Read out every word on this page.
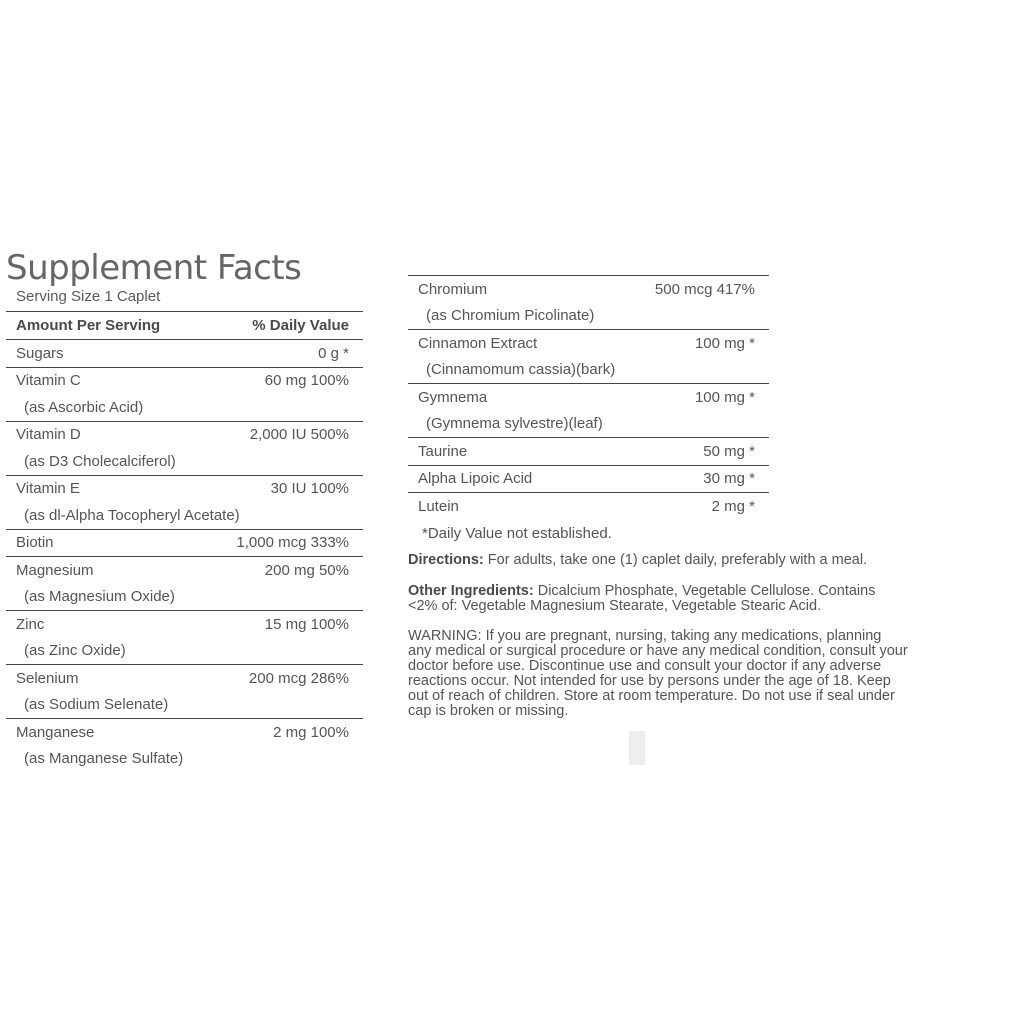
Supplement Facts
Serving Size 1 Caplet
Amount Per Serving	% Daily Value
Sugars	0 g *
Vitamin C	60 mg 100%
(as Ascorbic Acid)
Vitamin D	2,000 IU 500%
(as D3 Cholecalciferol)
Vitamin E	30 IU 100%
(as dl-Alpha Tocopheryl Acetate)
Biotin	1,000 mcg 333%
Magnesium	200 mg 50%
(as Magnesium Oxide)
Zinc	15 mg 100%
(as Zinc Oxide)
Selenium	200 mcg 286%
(as Sodium Selenate)
Manganese	2 mg 100%
(as Manganese Sulfate)
Chromium	500 mcg 417%
(as Chromium Picolinate)
Cinnamon Extract	100 mg *
(Cinnamomum cassia)(bark)
Gymnema	100 mg *
(Gymnema sylvestre)(leaf)
Taurine	50 mg *
Alpha Lipoic Acid	30 mg *
Lutein	2 mg *
*Daily Value not established.
Directions: For adults, take one (1) caplet daily, preferably with a meal.
Other Ingredients: Dicalcium Phosphate, Vegetable Cellulose. Contains <2% of: Vegetable Magnesium Stearate, Vegetable Stearic Acid.
WARNING: If you are pregnant, nursing, taking any medications, planning any medical or surgical procedure or have any medical condition, consult your doctor before use. Discontinue use and consult your doctor if any adverse reactions occur. Not intended for use by persons under the age of 18. Keep out of reach of children. Store at room temperature. Do not use if seal under cap is broken or missing.
